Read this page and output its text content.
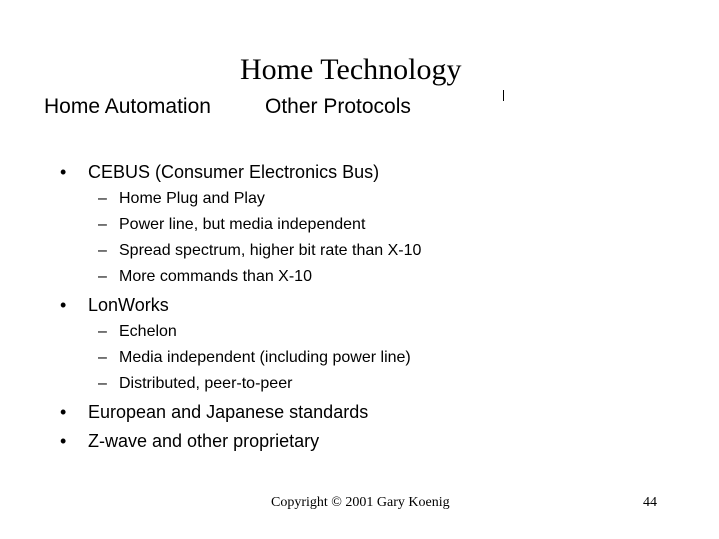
Home Technology
Home Automation	Other Protocols
• CEBUS (Consumer Electronics Bus)
– Home Plug and Play
– Power line, but media independent
– Spread spectrum, higher bit rate than X-10
– More commands than X-10
• LonWorks
– Echelon
– Media independent (including power line)
– Distributed, peer-to-peer
• European and Japanese standards
• Z-wave and other proprietary
Copyright © 2001 Gary Koenig	44
